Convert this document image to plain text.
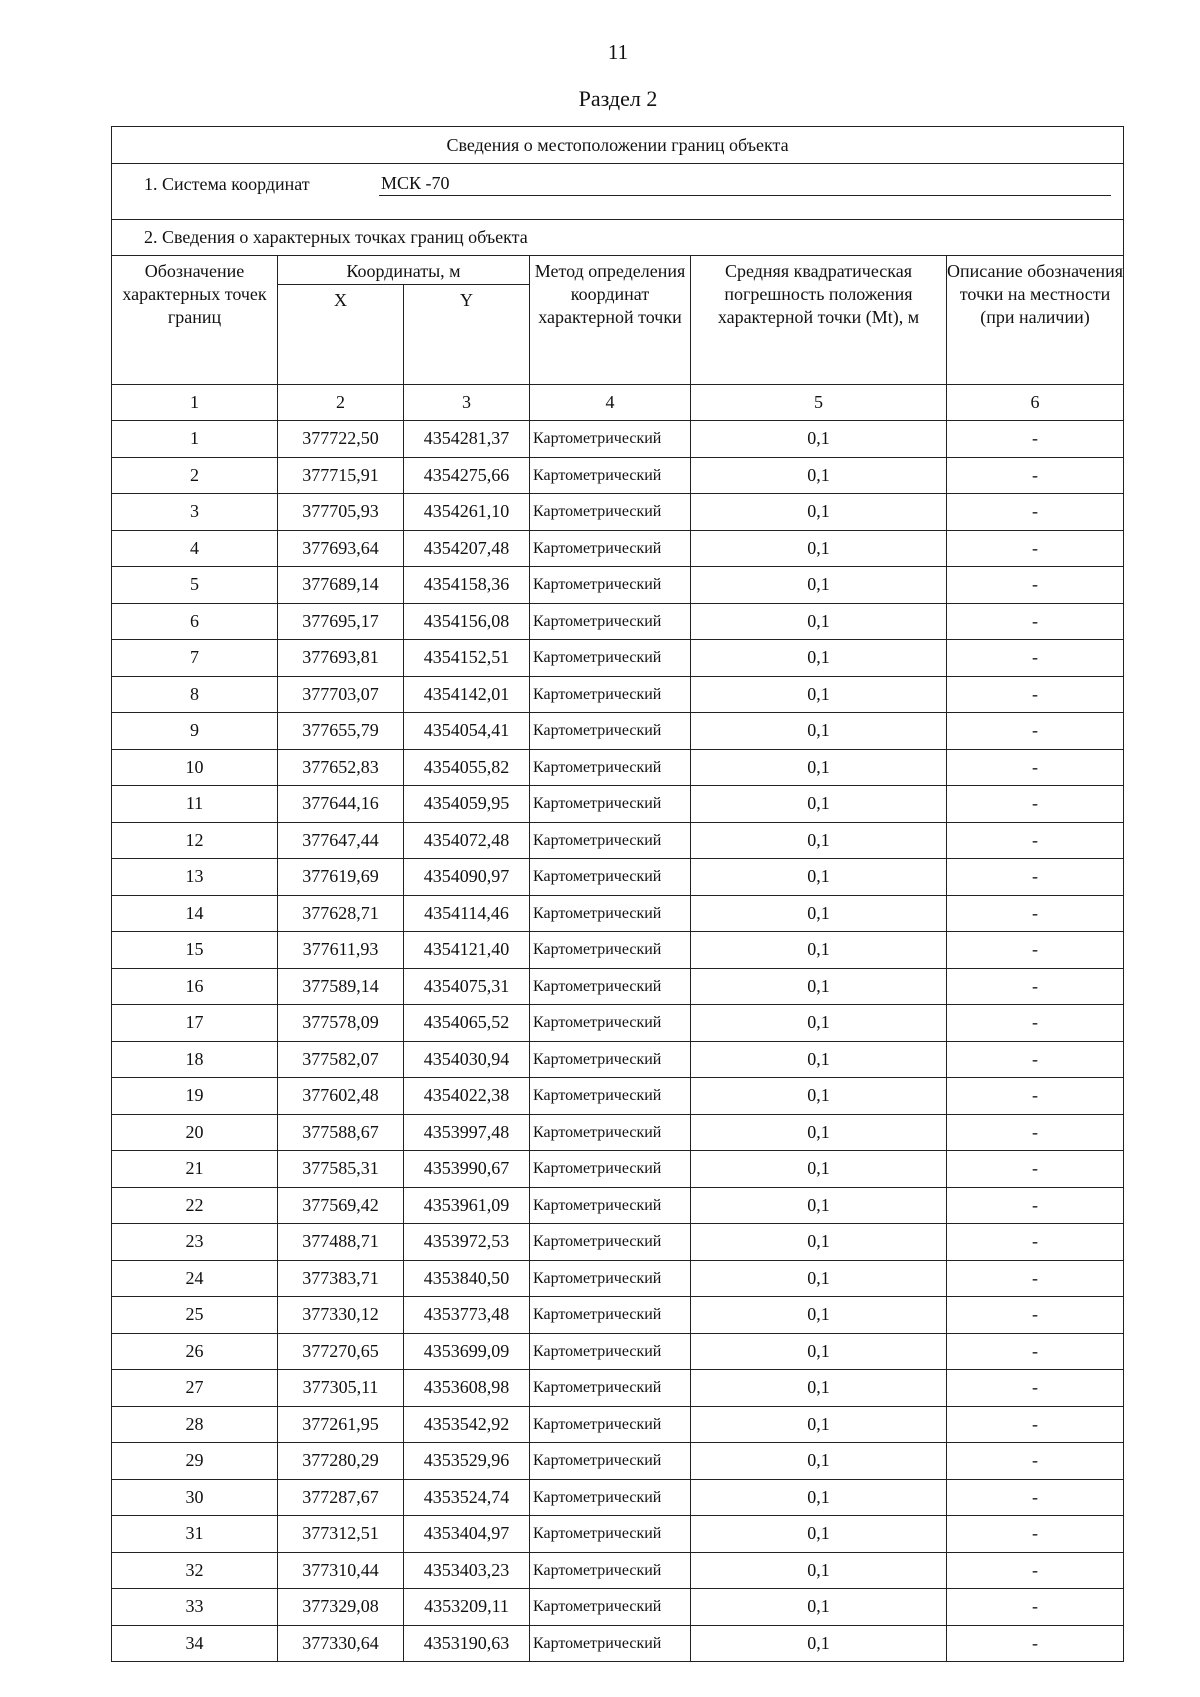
11
Раздел 2
Сведения о местоположении границ объекта					

1. Система координат МСК -70					

2. Сведения о характерных точках границ объекта					
Обозначение характерных точек границ	Координаты, м		Метод определения координат характерной точки	Средняя квадратическая погрешность положения характерной точки (Mt), м	Описание обозначения точки на местности (при наличии)
	X	Y			
1	2	3	4	5	6
1	377722,50	4354281,37	Картометрический	0,1	-
2	377715,91	4354275,66	Картометрический	0,1	-
3	377705,93	4354261,10	Картометрический	0,1	-
4	377693,64	4354207,48	Картометрический	0,1	-
5	377689,14	4354158,36	Картометрический	0,1	-
6	377695,17	4354156,08	Картометрический	0,1	-
7	377693,81	4354152,51	Картометрический	0,1	-
8	377703,07	4354142,01	Картометрический	0,1	-
9	377655,79	4354054,41	Картометрический	0,1	-
10	377652,83	4354055,82	Картометрический	0,1	-
11	377644,16	4354059,95	Картометрический	0,1	-
12	377647,44	4354072,48	Картометрический	0,1	-
13	377619,69	4354090,97	Картометрический	0,1	-
14	377628,71	4354114,46	Картометрический	0,1	-
15	377611,93	4354121,40	Картометрический	0,1	-
16	377589,14	4354075,31	Картометрический	0,1	-
17	377578,09	4354065,52	Картометрический	0,1	-
18	377582,07	4354030,94	Картометрический	0,1	-
19	377602,48	4354022,38	Картометрический	0,1	-
20	377588,67	4353997,48	Картометрический	0,1	-
21	377585,31	4353990,67	Картометрический	0,1	-
22	377569,42	4353961,09	Картометрический	0,1	-
23	377488,71	4353972,53	Картометрический	0,1	-
24	377383,71	4353840,50	Картометрический	0,1	-
25	377330,12	4353773,48	Картометрический	0,1	-
26	377270,65	4353699,09	Картометрический	0,1	-
27	377305,11	4353608,98	Картометрический	0,1	-
28	377261,95	4353542,92	Картометрический	0,1	-
29	377280,29	4353529,96	Картометрический	0,1	-
30	377287,67	4353524,74	Картометрический	0,1	-
31	377312,51	4353404,97	Картометрический	0,1	-
32	377310,44	4353403,23	Картометрический	0,1	-
33	377329,08	4353209,11	Картометрический	0,1	-
34	377330,64	4353190,63	Картометрический	0,1	-
